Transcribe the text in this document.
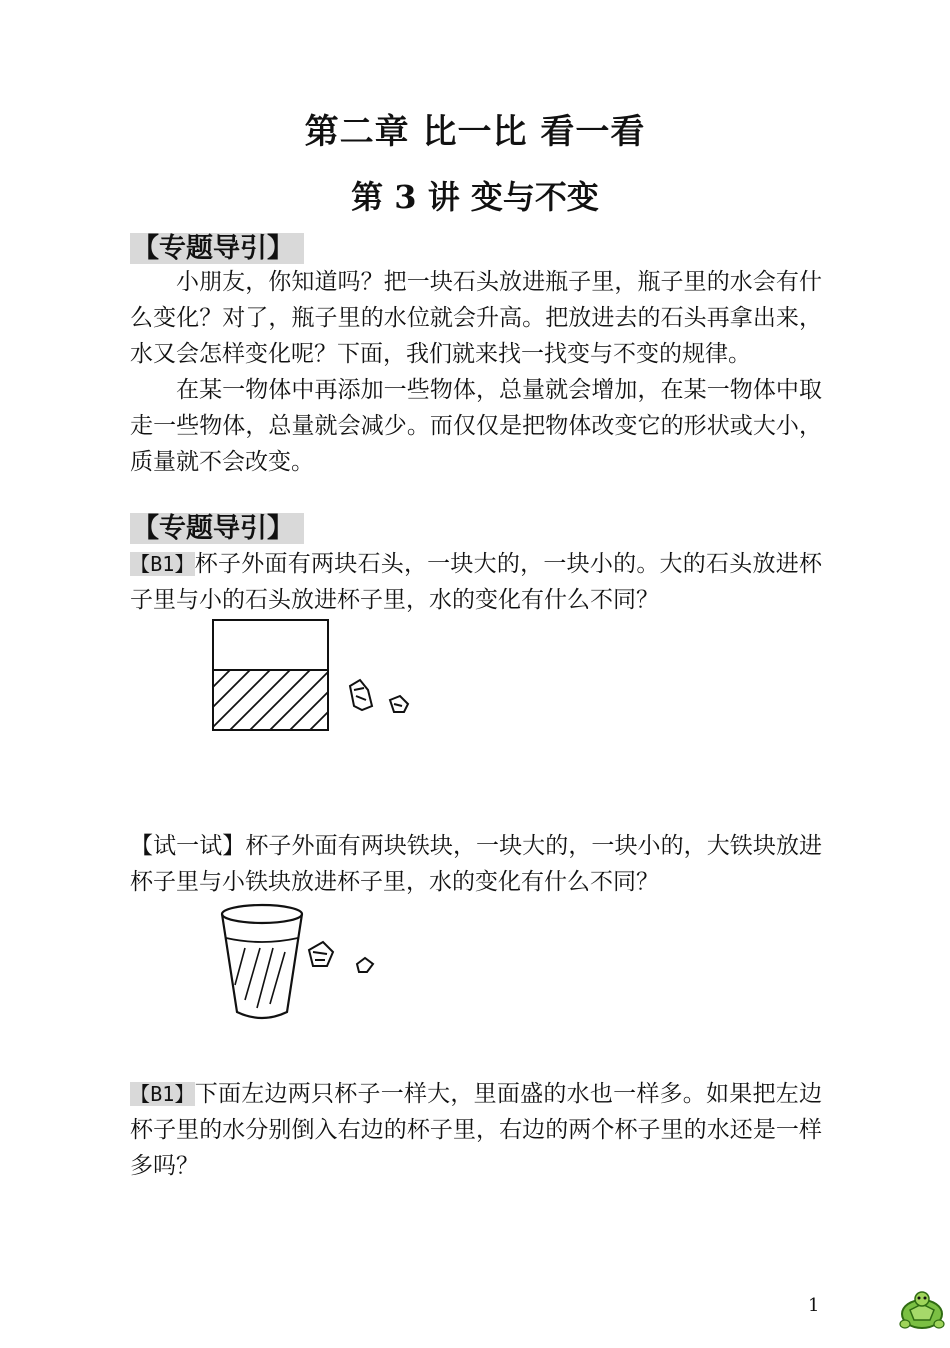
第二章 比一比 看一看
第 3 讲 变与不变
【专题导引】

小朋友，你知道吗？把一块石头放进瓶子里，瓶子里的水会有什么变化？对了，瓶子里的水位就会升高。把放进去的石头再拿出来，水又会怎样变化呢？下面，我们就来找一找变与不变的规律。

在某一物体中再添加一些物体，总量就会增加，在某一物体中取走一些物体，总量就会减少。而仅仅是把物体改变它的形状或大小，质量就不会改变。

【专题导引】
【B1】杯子外面有两块石头，一块大的，一块小的。大的石头放进杯子里与小的石头放进杯子里，水的变化有什么不同？
【试一试】杯子外面有两块铁块，一块大的，一块小的，大铁块放进杯子里与小铁块放进杯子里，水的变化有什么不同？
【B1】下面左边两只杯子一样大，里面盛的水也一样多。如果把左边杯子里的水分别倒入右边的杯子里，右边的两个杯子里的水还是一样多吗？
1
